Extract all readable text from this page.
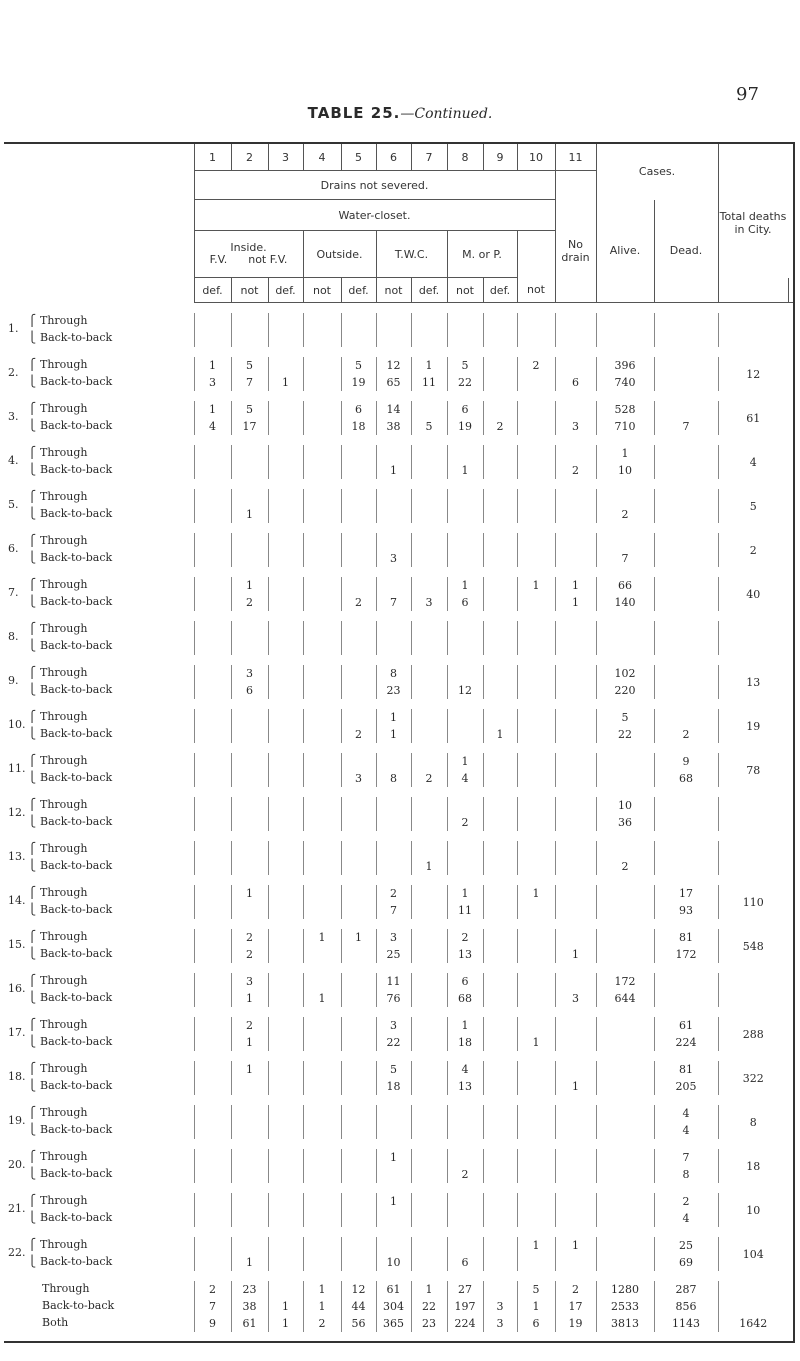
97
TABLE 25.—Continued.
	1	2	3	4	5	6	7	8	9	10	11	Cases.		Total deaths in City.	
	Drains not severed.														
	Water-closet.										No drain	Alive.	Dead.		

	Inside.
F.V. not F.V.			Outside.		T.W.C.		M. or P.							
	def.	not	def.	not	def.	not	def.	not	def.	not					

1.
⎧ Through															

⎩ Back-to-back															

2.
⎧ Through	1	5			5	12	1	5		2		396		12	

⎩ Back-to-back	3	7	1		19	65	11	22			6	740			

3.
⎧ Through	1	5			6	14		6				528		61	

⎩ Back-to-back	4	17			18	38	5	19	2		3	710	7		

4.
⎧ Through												1		4	

⎩ Back-to-back						1		1			2	10			

5.
⎧ Through														5	

⎩ Back-to-back		1										2			

6.
⎧ Through														2	

⎩ Back-to-back						3						7			

7.
⎧ Through		1						1		1	1	66		40	

⎩ Back-to-back		2			2	7	3	6			1	140			

8.
⎧ Through															

⎩ Back-to-back															

9.
⎧ Through		3				8						102		13	

⎩ Back-to-back		6				23		12				220			

10.
⎧ Through						1						5		19	

⎩ Back-to-back					2	1			1			22	2		

11.
⎧ Through								1					9	78	

⎩ Back-to-back					3	8	2	4					68		

12.
⎧ Through												10			

⎩ Back-to-back								2				36			

13.
⎧ Through															

⎩ Back-to-back							1					2			

14.
⎧ Through		1				2		1		1			17	110	

⎩ Back-to-back						7		11					93		

15.
⎧ Through		2		1	1	3		2					81	548	

⎩ Back-to-back		2				25		13			1		172		

16.
⎧ Through		3				11		6				172			

⎩ Back-to-back		1		1		76		68			3	644			

17.
⎧ Through		2				3		1					61	288	

⎩ Back-to-back		1				22		18		1			224		

18.
⎧ Through		1				5		4					81	322	

⎩ Back-to-back						18		13			1		205		

19.
⎧ Through													4	8	

⎩ Back-to-back													4		

20.
⎧ Through						1							7	18	

⎩ Back-to-back								2					8		

21.
⎧ Through						1							2	10	

⎩ Back-to-back													4		

22.
⎧ Through										1	1		25	104	

⎩ Back-to-back		1				10		6					69		

Through	2	23		1	12	61	1	27		5	2	1280	287		

Back-to-back	7	38	1	1	44	304	22	197	3	1	17	2533	856		

Both	9	61	1	2	56	365	23	224	3	6	19	3813	1143	1642	
